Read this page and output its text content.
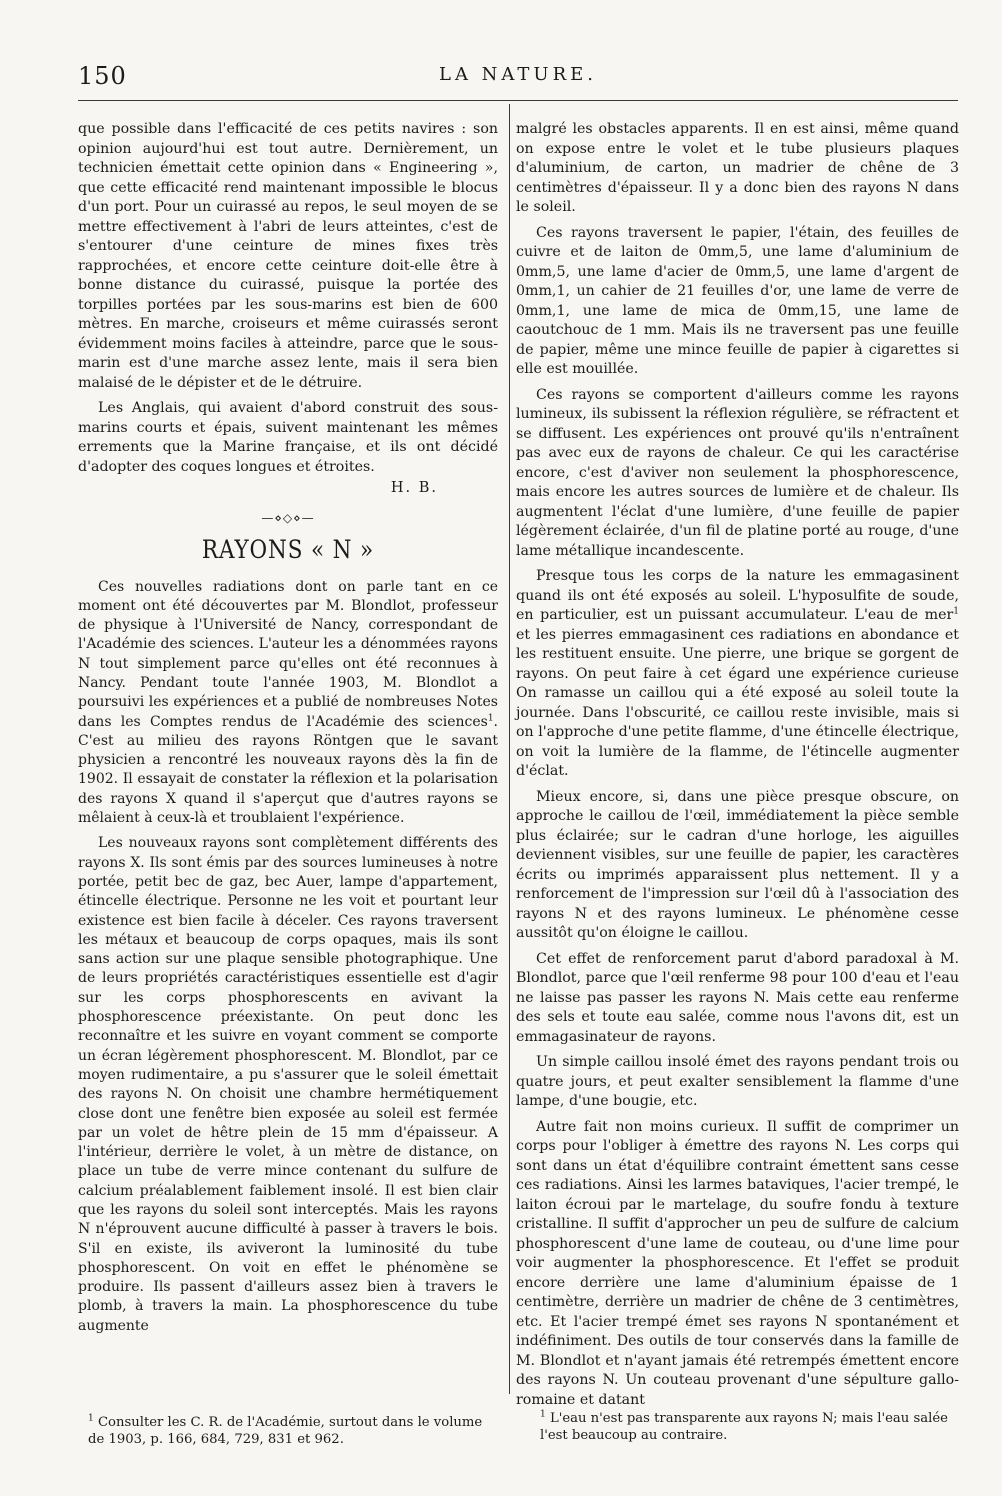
150	LA NATURE.

que possible dans l'efficacité de ces petits navires : son opinion aujourd'hui est tout autre. Dernièrement, un technicien émettait cette opinion dans « Engineering », que cette efficacité rend maintenant impossible le blocus d'un port. Pour un cuirassé au repos, le seul moyen de se mettre effectivement à l'abri de leurs atteintes, c'est de s'entourer d'une ceinture de mines fixes très rapprochées, et encore cette ceinture doit-elle être à bonne distance du cuirassé, puisque la portée des torpilles portées par les sous-marins est bien de 600 mètres. En marche, croiseurs et même cuirassés seront évidemment moins faciles à atteindre, parce que le sous-marin est d'une marche assez lente, mais il sera bien malaisé de le dépister et de le détruire.

Les Anglais, qui avaient d'abord construit des sous-marins courts et épais, suivent maintenant les mêmes errements que la Marine française, et ils ont décidé d'adopter des coques longues et étroites.

H. B.
—⋄◇⋄—
RAYONS « N »

Ces nouvelles radiations dont on parle tant en ce moment ont été découvertes par M. Blondlot, professeur de physique à l'Université de Nancy, correspondant de l'Académie des sciences. L'auteur les a dénommées rayons N tout simplement parce qu'elles ont été reconnues à Nancy. Pendant toute l'année 1903, M. Blondlot a poursuivi les expériences et a publié de nombreuses Notes dans les Comptes rendus de l'Académie des sciences$^1$. C'est au milieu des rayons Röntgen que le savant physicien a rencontré les nouveaux rayons dès la fin de 1902. Il essayait de constater la réflexion et la polarisation des rayons X quand il s'aperçut que d'autres rayons se mêlaient à ceux-là et troublaient l'expérience.

Les nouveaux rayons sont complètement différents des rayons X. Ils sont émis par des sources lumineuses à notre portée, petit bec de gaz, bec Auer, lampe d'appartement, étincelle électrique. Personne ne les voit et pourtant leur existence est bien facile à déceler. Ces rayons traversent les métaux et beaucoup de corps opaques, mais ils sont sans action sur une plaque sensible photographique. Une de leurs propriétés caractéristiques essentielle est d'agir sur les corps phosphorescents en avivant la phosphorescence préexistante. On peut donc les reconnaître et les suivre en voyant comment se comporte un écran légèrement phosphorescent. M. Blondlot, par ce moyen rudimentaire, a pu s'assurer que le soleil émettait des rayons N. On choisit une chambre hermétiquement close dont une fenêtre bien exposée au soleil est fermée par un volet de hêtre plein de 15 mm d'épaisseur. A l'intérieur, derrière le volet, à un mètre de distance, on place un tube de verre mince contenant du sulfure de calcium préalablement faiblement insolé. Il est bien clair que les rayons du soleil sont interceptés. Mais les rayons N n'éprouvent aucune difficulté à passer à travers le bois. S'il en existe, ils aviveront la luminosité du tube phosphorescent. On voit en effet le phénomène se produire. Ils passent d'ailleurs assez bien à travers le plomb, à travers la main. La phosphorescence du tube augmente

malgré les obstacles apparents. Il en est ainsi, même quand on expose entre le volet et le tube plusieurs plaques d'aluminium, de carton, un madrier de chêne de 3 centimètres d'épaisseur. Il y a donc bien des rayons N dans le soleil.

Ces rayons traversent le papier, l'étain, des feuilles de cuivre et de laiton de 0mm,5, une lame d'aluminium de 0mm,5, une lame d'acier de 0mm,5, une lame d'argent de 0mm,1, un cahier de 21 feuilles d'or, une lame de verre de 0mm,1, une lame de mica de 0mm,15, une lame de caoutchouc de 1 mm. Mais ils ne traversent pas une feuille de papier, même une mince feuille de papier à cigarettes si elle est mouillée.

Ces rayons se comportent d'ailleurs comme les rayons lumineux, ils subissent la réflexion régulière, se réfractent et se diffusent. Les expériences ont prouvé qu'ils n'entraînent pas avec eux de rayons de chaleur. Ce qui les caractérise encore, c'est d'aviver non seulement la phosphorescence, mais encore les autres sources de lumière et de chaleur. Ils augmentent l'éclat d'une lumière, d'une feuille de papier légèrement éclairée, d'un fil de platine porté au rouge, d'une lame métallique incandescente.

Presque tous les corps de la nature les emmagasinent quand ils ont été exposés au soleil. L'hyposulfite de soude, en particulier, est un puissant accumulateur. L'eau de mer$^1$ et les pierres emmagasinent ces radiations en abondance et les restituent ensuite. Une pierre, une brique se gorgent de rayons. On peut faire à cet égard une expérience curieuse On ramasse un caillou qui a été exposé au soleil toute la journée. Dans l'obscurité, ce caillou reste invisible, mais si on l'approche d'une petite flamme, d'une étincelle électrique, on voit la lumière de la flamme, de l'étincelle augmenter d'éclat.

Mieux encore, si, dans une pièce presque obscure, on approche le caillou de l'œil, immédiatement la pièce semble plus éclairée; sur le cadran d'une horloge, les aiguilles deviennent visibles, sur une feuille de papier, les caractères écrits ou imprimés apparaissent plus nettement. Il y a renforcement de l'impression sur l'œil dû à l'association des rayons N et des rayons lumineux. Le phénomène cesse aussitôt qu'on éloigne le caillou.

Cet effet de renforcement parut d'abord paradoxal à M. Blondlot, parce que l'œil renferme 98 pour 100 d'eau et l'eau ne laisse pas passer les rayons N. Mais cette eau renferme des sels et toute eau salée, comme nous l'avons dit, est un emmagasinateur de rayons.

Un simple caillou insolé émet des rayons pendant trois ou quatre jours, et peut exalter sensiblement la flamme d'une lampe, d'une bougie, etc.

Autre fait non moins curieux. Il suffit de comprimer un corps pour l'obliger à émettre des rayons N. Les corps qui sont dans un état d'équilibre contraint émettent sans cesse ces radiations. Ainsi les larmes bataviques, l'acier trempé, le laiton écroui par le martelage, du soufre fondu à texture cristalline. Il suffit d'approcher un peu de sulfure de calcium phosphorescent d'une lame de couteau, ou d'une lime pour voir augmenter la phosphorescence. Et l'effet se produit encore derrière une lame d'aluminium épaisse de 1 centimètre, derrière un madrier de chêne de 3 centimètres, etc. Et l'acier trempé émet ses rayons N spontanément et indéfiniment. Des outils de tour conservés dans la famille de M. Blondlot et n'ayant jamais été retrempés émettent encore des rayons N. Un couteau provenant d'une sépulture gallo-romaine et datant

$^1$ Consulter les C. R. de l'Académie, surtout dans le volume de 1903, p. 166, 684, 729, 831 et 962.
$^1$ L'eau n'est pas transparente aux rayons N; mais l'eau salée l'est beaucoup au contraire.
